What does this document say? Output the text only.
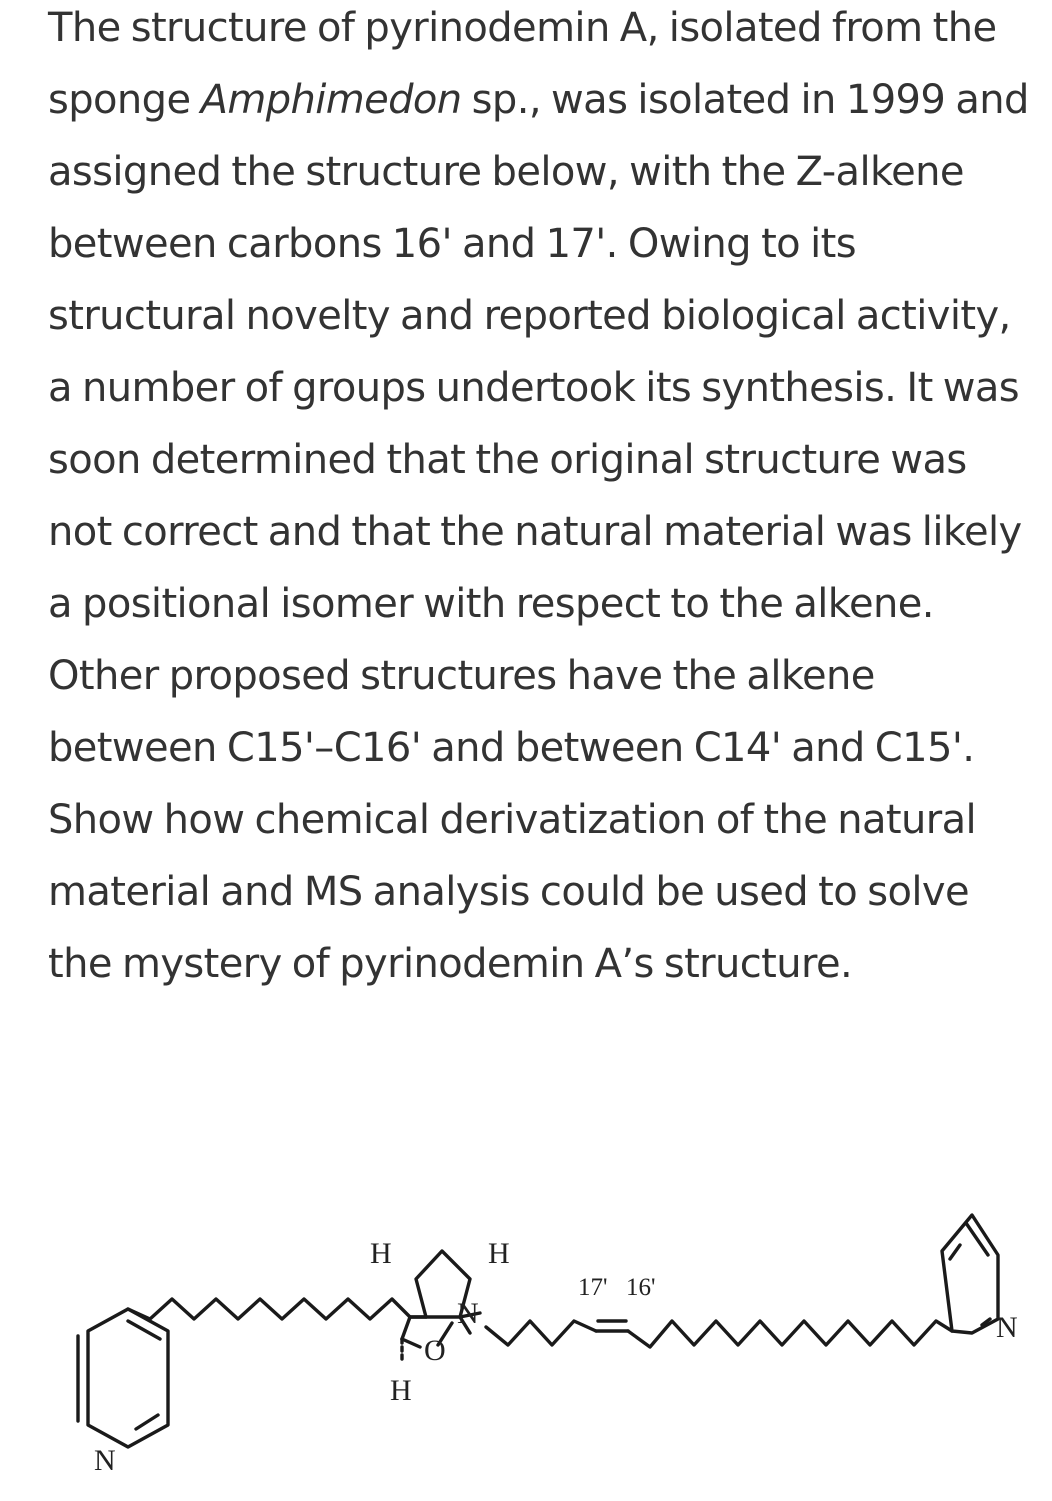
The structure of pyrinodemin A, isolated from the sponge Amphimedon sp., was isolated in 1999 and assigned the structure below, with the Z-alkene between carbons 16' and 17'. Owing to its structural novelty and reported biological activity, a number of groups undertook its synthesis. It was soon determined that the original structure was not correct and that the natural material was likely a positional isomer with respect to the alkene. Other proposed structures have the alkene between C15'–C16' and between C14' and C15'. Show how chemical derivatization of the natural material and MS analysis could be used to solve the mystery of pyrinodemin A’s structure.
H	H
H
O
N
N
N
17' 16'
